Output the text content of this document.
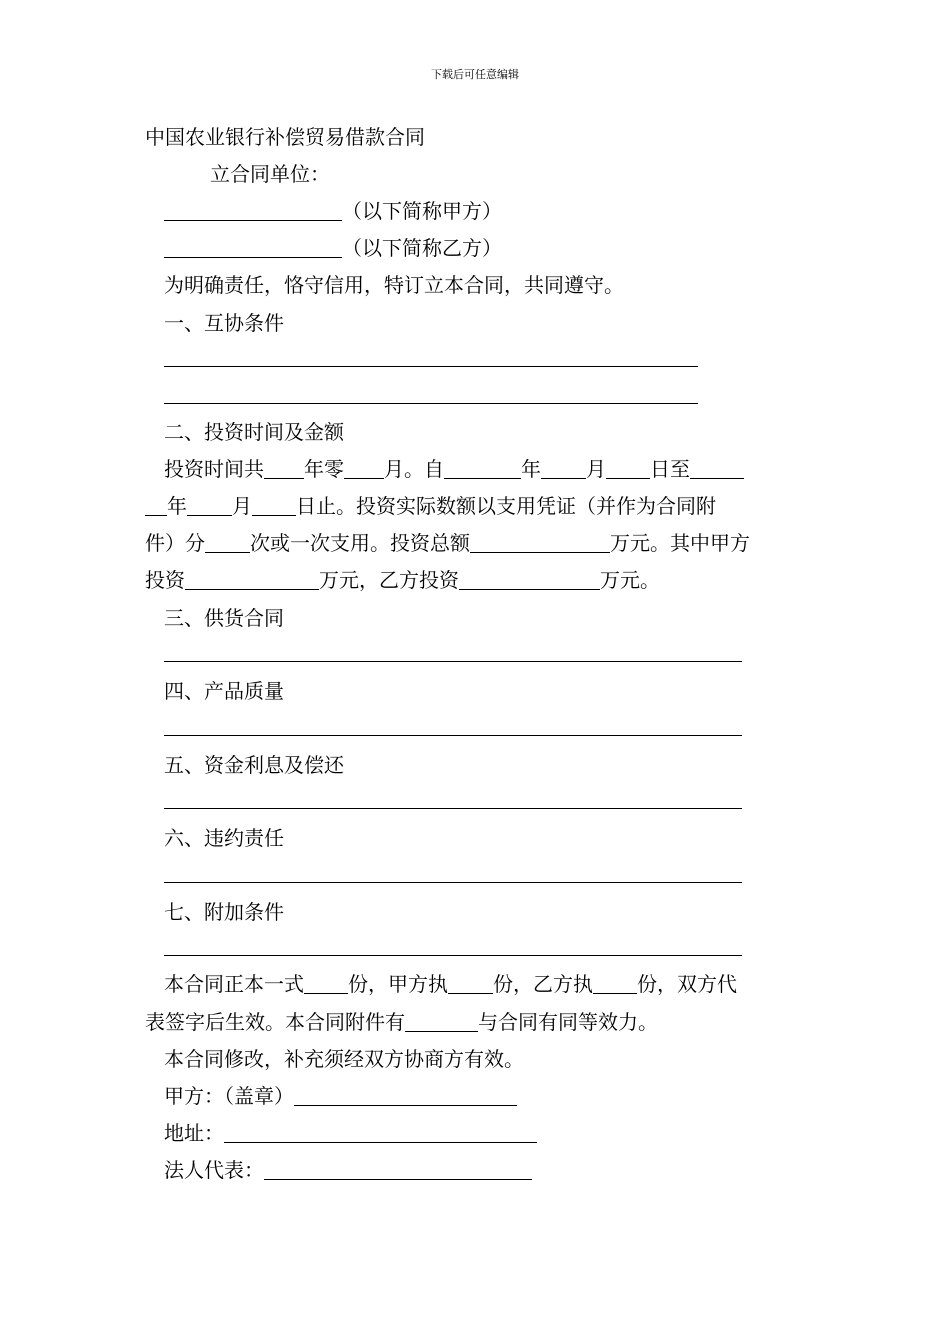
下载后可任意编辑
中国农业银行补偿贸易借款合同
立合同单位：
（以下简称甲方）
（以下简称乙方）
为明确责任，恪守信用，特订立本合同，共同遵守。
一、互协条件
二、投资时间及金额
投资时间共 年零 月。自	年 月 日至
年 月 日止。投资实际数额以支用凭证（并作为合同附
件）分 次或一次支用。投资总额	万元。其中甲方
投资	万元，乙方投资	万元。
三、供货合同
四、产品质量
五、资金利息及偿还
六、违约责任
七、附加条件
本合同正本一式 份，甲方执 份，乙方执 份，双方代
表签字后生效。本合同附件有	与合同有同等效力。
本合同修改，补充须经双方协商方有效。
甲方：（盖章）
地址：
法人代表：
